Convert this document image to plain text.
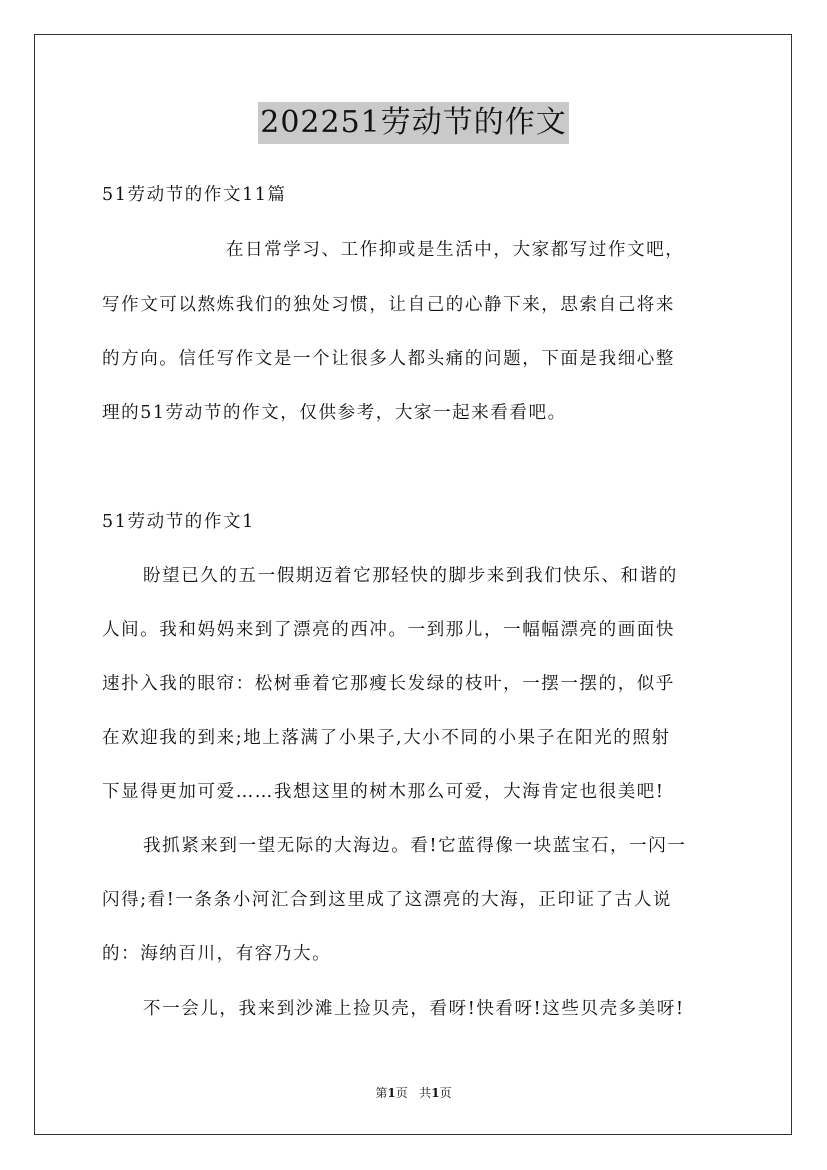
202251劳动节的作文
51劳动节的作文11篇
在日常学习、工作抑或是生活中，大家都写过作文吧，
写作文可以熬炼我们的独处习惯，让自己的心静下来，思索自己将来
的方向。信任写作文是一个让很多人都头痛的问题，下面是我细心整
理的51劳动节的作文，仅供参考，大家一起来看看吧。
51劳动节的作文1
盼望已久的五一假期迈着它那轻快的脚步来到我们快乐、和谐的
人间。我和妈妈来到了漂亮的西冲。一到那儿，一幅幅漂亮的画面快
速扑入我的眼帘：松树垂着它那瘦长发绿的枝叶，一摆一摆的，似乎
在欢迎我的到来;地上落满了小果子,大小不同的小果子在阳光的照射
下显得更加可爱……我想这里的树木那么可爱，大海肯定也很美吧!
我抓紧来到一望无际的大海边。看!它蓝得像一块蓝宝石，一闪一
闪得;看!一条条小河汇合到这里成了这漂亮的大海，正印证了古人说
的：海纳百川，有容乃大。
不一会儿，我来到沙滩上捡贝壳，看呀!快看呀!这些贝壳多美呀!
第1页 共1页
